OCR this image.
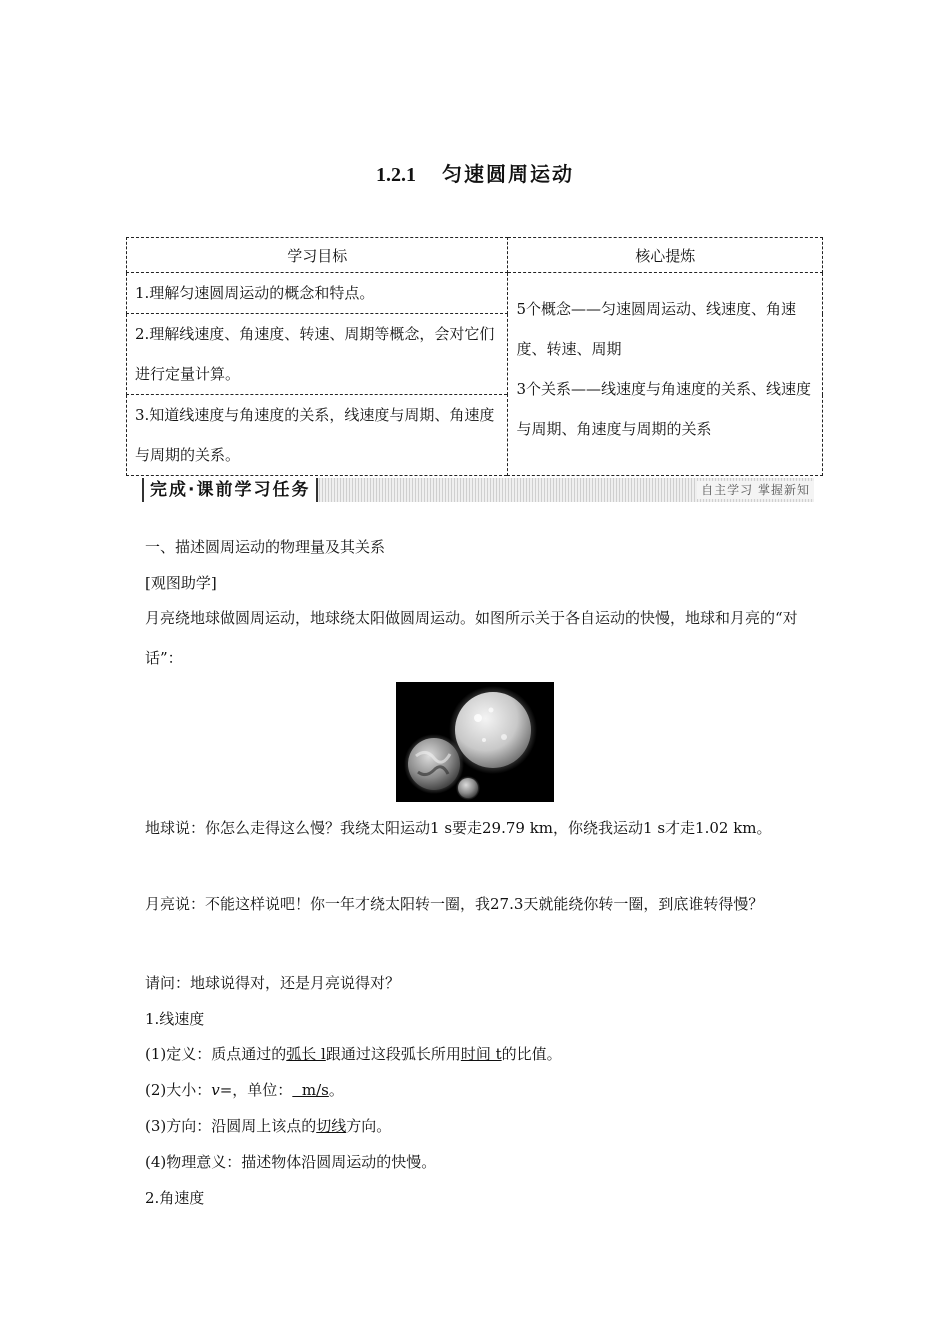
1.2.1 匀速圆周运动
学习目标	核心提炼
1.理解匀速圆周运动的概念和特点。	5个概念——匀速圆周运动、线速度、角速度、转速、周期
3个关系——线速度与角速度的关系、线速度与周期、角速度与周期的关系

2.理解线速度、角速度、转速、周期等概念，会对它们进行定量计算。	
3.知道线速度与角速度的关系，线速度与周期、角速度与周期的关系。	
完成·课前学习任务	自主学习 掌握新知
一、描述圆周运动的物理量及其关系
[观图助学]
月亮绕地球做圆周运动，地球绕太阳做圆周运动。如图所示关于各自运动的快慢，地球和月亮的“对话”：
地球说：你怎么走得这么慢？我绕太阳运动1 s要走29.79 km，你绕我运动1 s才走1.02 km。
月亮说：不能这样说吧！你一年才绕太阳转一圈，我27.3天就能绕你转一圈，到底谁转得慢？
请问：地球说得对，还是月亮说得对？
1.线速度
(1)定义：质点通过的弧长 l跟通过这段弧长所用时间 t的比值。
(2)大小：v=，单位：  m/s。
(3)方向：沿圆周上该点的切线方向。
(4)物理意义：描述物体沿圆周运动的快慢。
2.角速度
